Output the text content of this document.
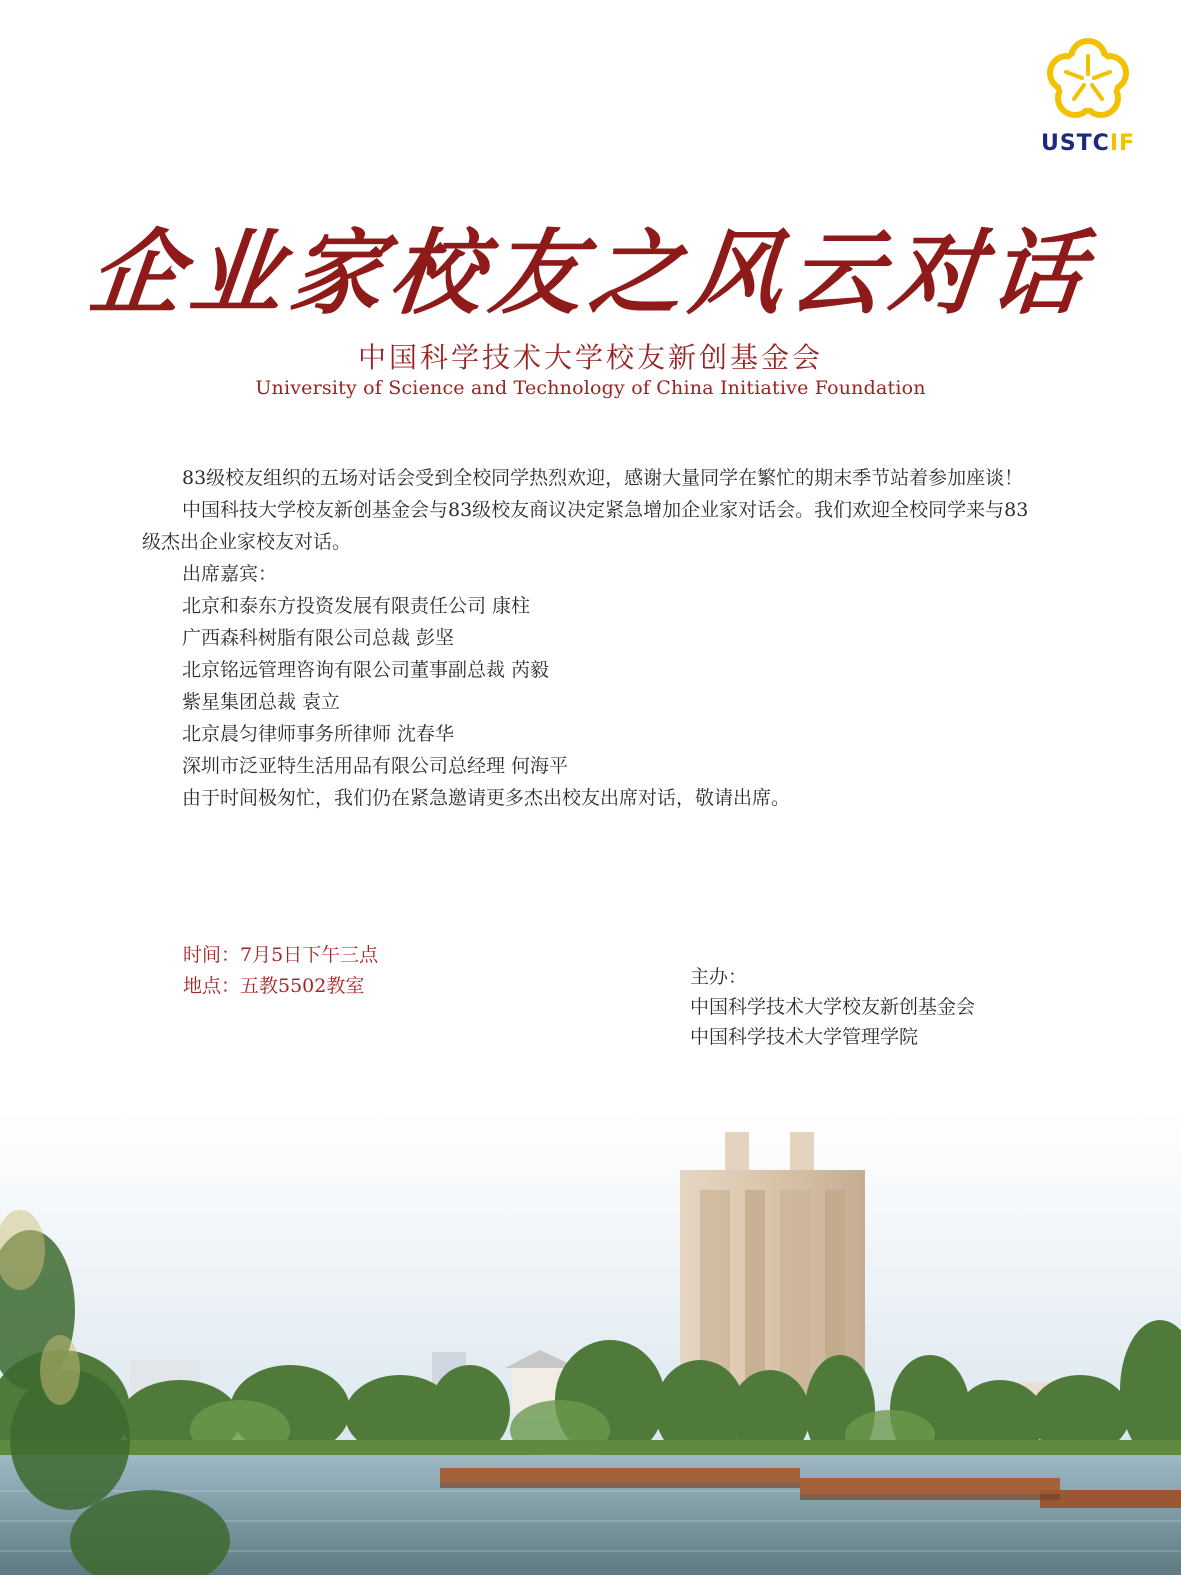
USTCIF
企业家校友之风云对话
中国科学技术大学校友新创基金会
University of Science and Technology of China Initiative Foundation

83级校友组织的五场对话会受到全校同学热烈欢迎，感谢大量同学在繁忙的期末季节站着参加座谈！

中国科技大学校友新创基金会与83级校友商议决定紧急增加企业家对话会。我们欢迎全校同学来与83级杰出企业家校友对话。

出席嘉宾：
北京和泰东方投资发展有限责任公司 康柱
广西森科树脂有限公司总裁 彭坚
北京铭远管理咨询有限公司董事副总裁 芮毅
紫星集团总裁 袁立
北京晨匀律师事务所律师 沈春华
深圳市泛亚特生活用品有限公司总经理 何海平

由于时间极匆忙，我们仍在紧急邀请更多杰出校友出席对话，敬请出席。

时间：7月5日下午三点
地点：五教5502教室	主办：
中国科学技术大学校友新创基金会
中国科学技术大学管理学院
